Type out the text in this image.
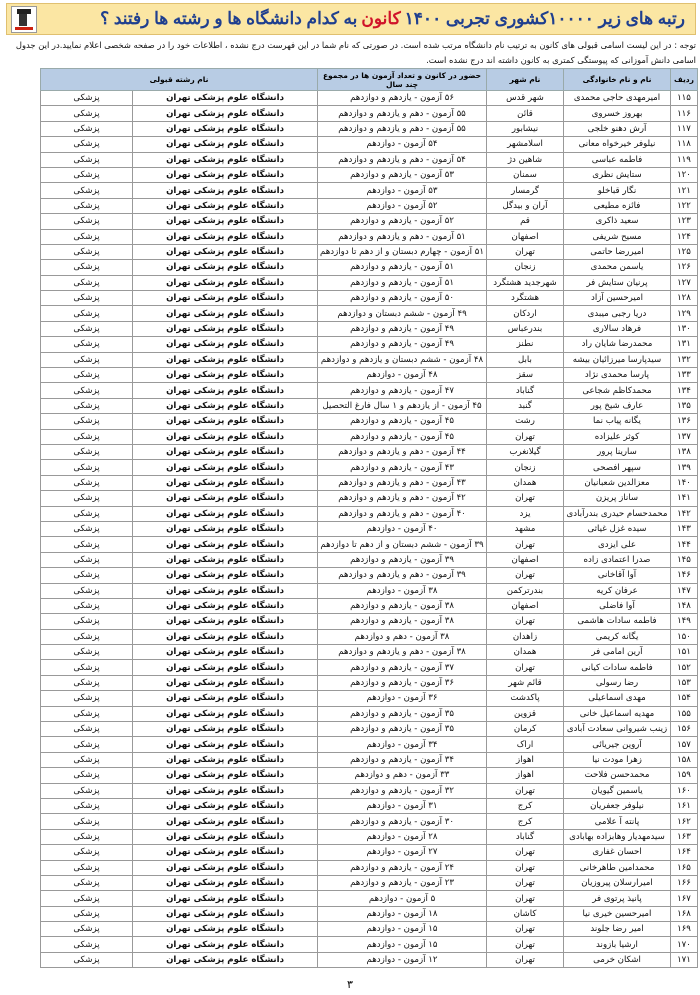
رتبه های زیر ۱۰۰۰۰کشوری تجربی ۱۴۰۰
کانون
به کدام دانشگاه ها و رشته ها رفتند ؟
توجه : در این لیست اسامی قبولی های کانون به ترتیب نام دانشگاه مرتب شده است. در صورتی که نام شما در این فهرست درج نشده ، اطلاعات خود را در صفحه شخصی اعلام نمایید.در این جدول اسامی دانش آموزانی که پیوستگی کمتری به کانون داشته اند درج نشده است.
ردیف	نام و نام خانوادگی	نام شهر	حضور در کانون و تعداد آزمون ها در مجموع چند سال	نام رشته قبولی	
۱۱۵	امیرمهدی حاجی محمدی	شهر قدس	۵۶ آزمون - یازدهم و دوازدهم	دانشگاه علوم پزشکی تهران	پزشکی
۱۱۶	بهروز خسروی	قائن	۵۵ آزمون - دهم و یازدهم و دوازدهم	دانشگاه علوم پزشکی تهران	پزشکی
۱۱۷	آرش دهنو خلجی	نیشابور	۵۵ آزمون - دهم و یازدهم و دوازدهم	دانشگاه علوم پزشکی تهران	پزشکی
۱۱۸	نیلوفر خیرخواه معانی	اسلامشهر	۵۴ آزمون - دوازدهم	دانشگاه علوم پزشکی تهران	پزشکی
۱۱۹	فاطمه عباسی	شاهین دژ	۵۴ آزمون - دهم و یازدهم و دوازدهم	دانشگاه علوم پزشکی تهران	پزشکی
۱۲۰	ستایش نظری	سمنان	۵۳ آزمون - یازدهم و دوازدهم	دانشگاه علوم پزشکی تهران	پزشکی
۱۲۱	نگار قباخلو	گرمسار	۵۳ آزمون - دوازدهم	دانشگاه علوم پزشکی تهران	پزشکی
۱۲۲	فائزه مطیعی	آران و بیدگل	۵۲ آزمون - دوازدهم	دانشگاه علوم پزشکی تهران	پزشکی
۱۲۳	سعید ذاکری	قم	۵۲ آزمون - یازدهم و دوازدهم	دانشگاه علوم پزشکی تهران	پزشکی
۱۲۴	مسیح شریفی	اصفهان	۵۱ آزمون - دهم و یازدهم و دوازدهم	دانشگاه علوم پزشکی تهران	پزشکی
۱۲۵	امیررضا حاتمی	تهران	۵۱ آزمون - چهارم دبستان و از دهم تا دوازدهم	دانشگاه علوم پزشکی تهران	پزشکی
۱۲۶	یاسمن محمدی	زنجان	۵۱ آزمون - یازدهم و دوازدهم	دانشگاه علوم پزشکی تهران	پزشکی
۱۲۷	پرنیان ستایش فر	شهرجدید هشتگرد	۵۱ آزمون - یازدهم و دوازدهم	دانشگاه علوم پزشکی تهران	پزشکی
۱۲۸	امیرحسین آزاد	هشتگرد	۵۰ آزمون - یازدهم و دوازدهم	دانشگاه علوم پزشکی تهران	پزشکی
۱۲۹	دریا رجبی میبدی	اردکان	۴۹ آزمون - ششم دبستان و دوازدهم	دانشگاه علوم پزشکی تهران	پزشکی
۱۳۰	فرهاد سالاری	بندرعباس	۴۹ آزمون - یازدهم و دوازدهم	دانشگاه علوم پزشکی تهران	پزشکی
۱۳۱	محمدرضا شایان راد	نطنز	۴۹ آزمون - یازدهم و دوازدهم	دانشگاه علوم پزشکی تهران	پزشکی
۱۳۲	سیدپارسا میرزائیان بیشه	بابل	۴۸ آزمون - ششم دبستان و یازدهم و دوازدهم	دانشگاه علوم پزشکی تهران	پزشکی
۱۳۳	پارسا محمدی نژاد	سقز	۴۸ آزمون - دوازدهم	دانشگاه علوم پزشکی تهران	پزشکی
۱۳۴	محمدکاظم شجاعی	گناباد	۴۷ آزمون - یازدهم و دوازدهم	دانشگاه علوم پزشکی تهران	پزشکی
۱۳۵	عارف شیخ پور	گنبد	۴۵ آزمون - از یازدهم و ۱ سال فارغ التحصیل	دانشگاه علوم پزشکی تهران	پزشکی
۱۳۶	یگانه پیاب نما	رشت	۴۵ آزمون - یازدهم و دوازدهم	دانشگاه علوم پزشکی تهران	پزشکی
۱۳۷	کوثر علیزاده	تهران	۴۵ آزمون - یازدهم و دوازدهم	دانشگاه علوم پزشکی تهران	پزشکی
۱۳۸	سارینا پرور	گیلانغرب	۴۴ آزمون - دهم و یازدهم و دوازدهم	دانشگاه علوم پزشکی تهران	پزشکی
۱۳۹	سپهر افصحی	زنجان	۴۳ آزمون - یازدهم و دوازدهم	دانشگاه علوم پزشکی تهران	پزشکی
۱۴۰	معزالدین شعبانیان	همدان	۴۳ آزمون - دهم و یازدهم و دوازدهم	دانشگاه علوم پزشکی تهران	پزشکی
۱۴۱	ساناز پریزن	تهران	۴۲ آزمون - دهم و یازدهم و دوازدهم	دانشگاه علوم پزشکی تهران	پزشکی
۱۴۲	محمدحسام حیدری بندرآبادی	یزد	۴۰ آزمون - دهم و یازدهم و دوازدهم	دانشگاه علوم پزشکی تهران	پزشکی
۱۴۳	سیده غزل غیاثی	مشهد	۴۰ آزمون - دوازدهم	دانشگاه علوم پزشکی تهران	پزشکی
۱۴۴	علی ایزدی	تهران	۳۹ آزمون - ششم دبستان و از دهم تا دوازدهم	دانشگاه علوم پزشکی تهران	پزشکی
۱۴۵	صدرا اعتمادی زاده	اصفهان	۳۹ آزمون - یازدهم و دوازدهم	دانشگاه علوم پزشکی تهران	پزشکی
۱۴۶	آوا آقاخانی	تهران	۳۹ آزمون - دهم و یازدهم و دوازدهم	دانشگاه علوم پزشکی تهران	پزشکی
۱۴۷	عرفان کریه	بندرترکمن	۳۸ آزمون - دوازدهم	دانشگاه علوم پزشکی تهران	پزشکی
۱۴۸	آوا فاضلی	اصفهان	۳۸ آزمون - یازدهم و دوازدهم	دانشگاه علوم پزشکی تهران	پزشکی
۱۴۹	فاطمه سادات هاشمی	تهران	۳۸ آزمون - یازدهم و دوازدهم	دانشگاه علوم پزشکی تهران	پزشکی
۱۵۰	یگانه کریمی	زاهدان	۳۸ آزمون - دهم و دوازدهم	دانشگاه علوم پزشکی تهران	پزشکی
۱۵۱	آرین امامی فر	همدان	۳۸ آزمون - دهم و یازدهم و دوازدهم	دانشگاه علوم پزشکی تهران	پزشکی
۱۵۲	فاطمه سادات کیانی	تهران	۳۷ آزمون - یازدهم و دوازدهم	دانشگاه علوم پزشکی تهران	پزشکی
۱۵۳	رضا رسولی	قائم شهر	۳۶ آزمون - یازدهم و دوازدهم	دانشگاه علوم پزشکی تهران	پزشکی
۱۵۴	مهدی اسماعیلی	پاکدشت	۳۶ آزمون - دوازدهم	دانشگاه علوم پزشکی تهران	پزشکی
۱۵۵	مهدیه اسماعیل خانی	قزوین	۳۵ آزمون - یازدهم و دوازدهم	دانشگاه علوم پزشکی تهران	پزشکی
۱۵۶	زینب شیروانی سعادت آبادی	کرمان	۳۵ آزمون - یازدهم و دوازدهم	دانشگاه علوم پزشکی تهران	پزشکی
۱۵۷	آروین جیریائی	اراک	۳۴ آزمون - دوازدهم	دانشگاه علوم پزشکی تهران	پزشکی
۱۵۸	زهرا مودت نیا	اهواز	۳۴ آزمون - یازدهم و دوازدهم	دانشگاه علوم پزشکی تهران	پزشکی
۱۵۹	محمدحسن فلاحت	اهواز	۳۳ آزمون - دهم و دوازدهم	دانشگاه علوم پزشکی تهران	پزشکی
۱۶۰	یاسمین گیویان	تهران	۳۲ آزمون - یازدهم و دوازدهم	دانشگاه علوم پزشکی تهران	پزشکی
۱۶۱	نیلوفر جعفریان	کرج	۳۱ آزمون - دوازدهم	دانشگاه علوم پزشکی تهران	پزشکی
۱۶۲	پانته آ علامی	کرج	۳۰ آزمون - یازدهم و دوازدهم	دانشگاه علوم پزشکی تهران	پزشکی
۱۶۳	سیدمهدیار وهابزاده بهابادی	گناباد	۲۸ آزمون - دوازدهم	دانشگاه علوم پزشکی تهران	پزشکی
۱۶۴	احسان غفاری	تهران	۲۷ آزمون - دوازدهم	دانشگاه علوم پزشکی تهران	پزشکی
۱۶۵	محمدامین طاهرخانی	تهران	۲۴ آزمون - یازدهم و دوازدهم	دانشگاه علوم پزشکی تهران	پزشکی
۱۶۶	امیرارسلان پیروزیان	تهران	۲۳ آزمون - یازدهم و دوازدهم	دانشگاه علوم پزشکی تهران	پزشکی
۱۶۷	پانیذ پرتوی فر	تهران	۵ آزمون - دوازدهم	دانشگاه علوم پزشکی تهران	پزشکی
۱۶۸	امیرحسین خیری نیا	کاشان	۱۸ آزمون - دوازدهم	دانشگاه علوم پزشکی تهران	پزشکی
۱۶۹	امیر رضا جلوند	تهران	۱۵ آزمون - دوازدهم	دانشگاه علوم پزشکی تهران	پزشکی
۱۷۰	ارشیا بازوند	تهران	۱۵ آزمون - دوازدهم	دانشگاه علوم پزشکی تهران	پزشکی
۱۷۱	اشکان خرمی	تهران	۱۲ آزمون - دوازدهم	دانشگاه علوم پزشکی تهران	پزشکی
۳
